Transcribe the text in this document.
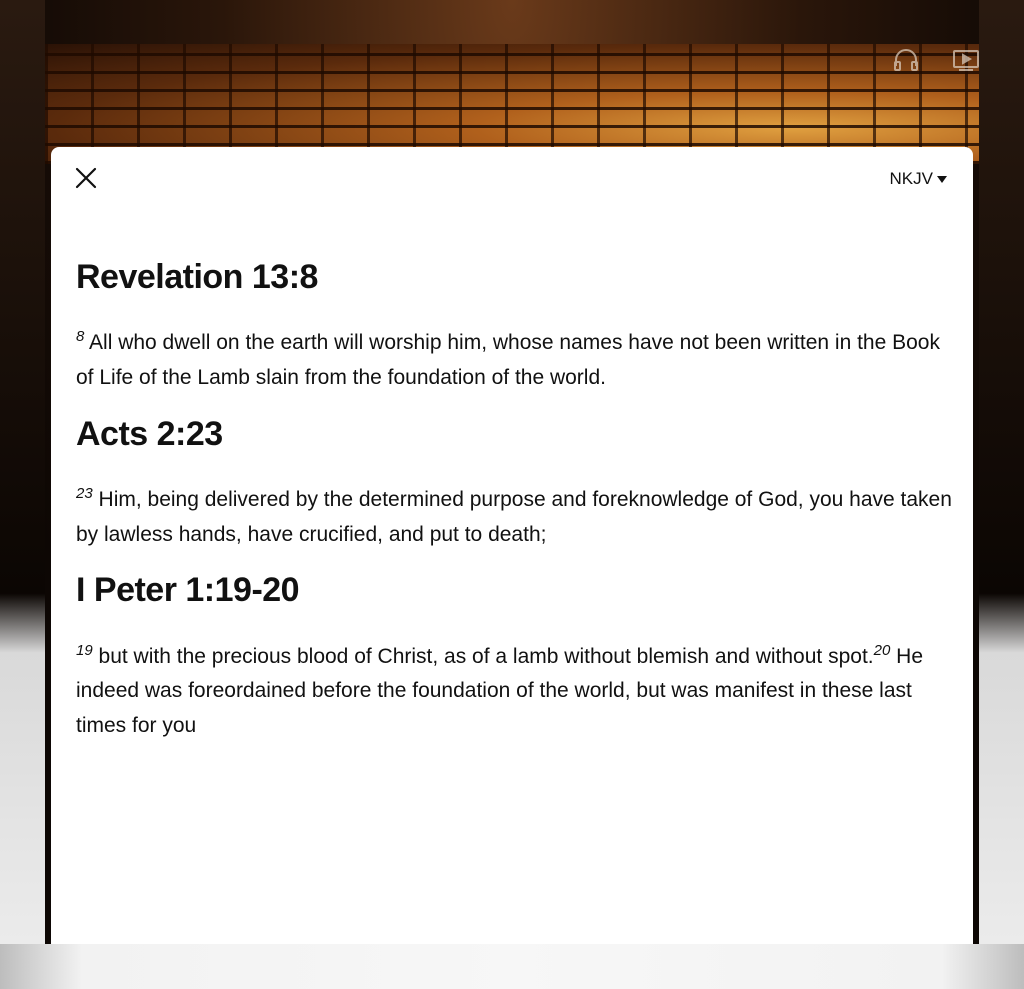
NKJV
Revelation 13:8

$^8$ All who dwell on the earth will worship him, whose names have not been written in the Book of Life of the Lamb slain from the foundation of the world.

Acts 2:23

$^{23}$ Him, being delivered by the determined purpose and foreknowledge of God, you have taken by lawless hands, have crucified, and put to death;

I Peter 1:19-20

$^{19}$ but with the precious blood of Christ, as of a lamb without blemish and without spot.$^{20}$ He indeed was foreordained before the foundation of the world, but was manifest in these last times for you
